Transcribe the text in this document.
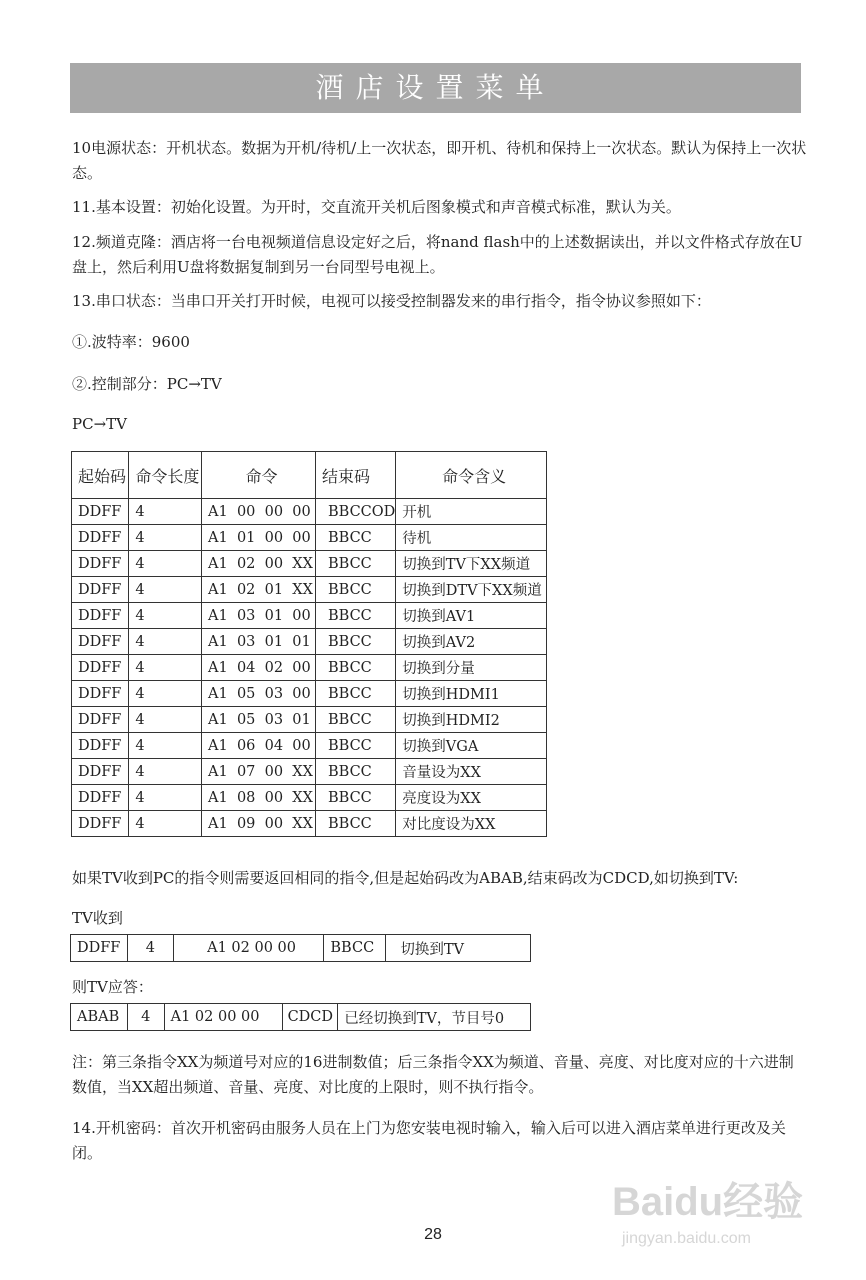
酒店设置菜单
10电源状态：开机状态。数据为开机/待机/上一次状态，即开机、待机和保持上一次状态。默认为保持上一次状态。
11.基本设置：初始化设置。为开时，交直流开关机后图象模式和声音模式标准，默认为关。
12.频道克隆：酒店将一台电视频道信息设定好之后，将nand flash中的上述数据读出，并以文件格式存放在U盘上，然后利用U盘将数据复制到另一台同型号电视上。
13.串口状态：当串口开关打开时候，电视可以接受控制器发来的串行指令，指令协议参照如下：
①.波特率：9600
②.控制部分：PC→TV
PC→TV
起始码	命令长度	命令	结束码	命令含义
DDFF	4	A1  00  00  00	BBCCOD	开机
DDFF	4	A1  01  00  00	BBCC	待机
DDFF	4	A1  02  00  XX	BBCC	切换到TV下XX频道
DDFF	4	A1  02  01  XX	BBCC	切换到DTV下XX频道
DDFF	4	A1  03  01  00	BBCC	切换到AV1
DDFF	4	A1  03  01  01	BBCC	切换到AV2
DDFF	4	A1  04  02  00	BBCC	切换到分量
DDFF	4	A1  05  03  00	BBCC	切换到HDMI1
DDFF	4	A1  05  03  01	BBCC	切换到HDMI2
DDFF	4	A1  06  04  00	BBCC	切换到VGA
DDFF	4	A1  07  00  XX	BBCC	音量设为XX
DDFF	4	A1  08  00  XX	BBCC	亮度设为XX
DDFF	4	A1  09  00  XX	BBCC	对比度设为XX
如果TV收到PC的指令则需要返回相同的指令,但是起始码改为ABAB,结束码改为CDCD,如切换到TV:
TV收到
DDFF	4	A1 02 00 00	BBCC	切换到TV
则TV应答：
ABAB	4	A1 02 00 00	CDCD	已经切换到TV，节目号0
注：第三条指令XX为频道号对应的16进制数值；后三条指令XX为频道、音量、亮度、对比度对应的十六进制数值，当XX超出频道、音量、亮度、对比度的上限时，则不执行指令。
14.开机密码：首次开机密码由服务人员在上门为您安装电视时输入，输入后可以进入酒店菜单进行更改及关闭。
28
Baidu经验
jingyan.baidu.com
